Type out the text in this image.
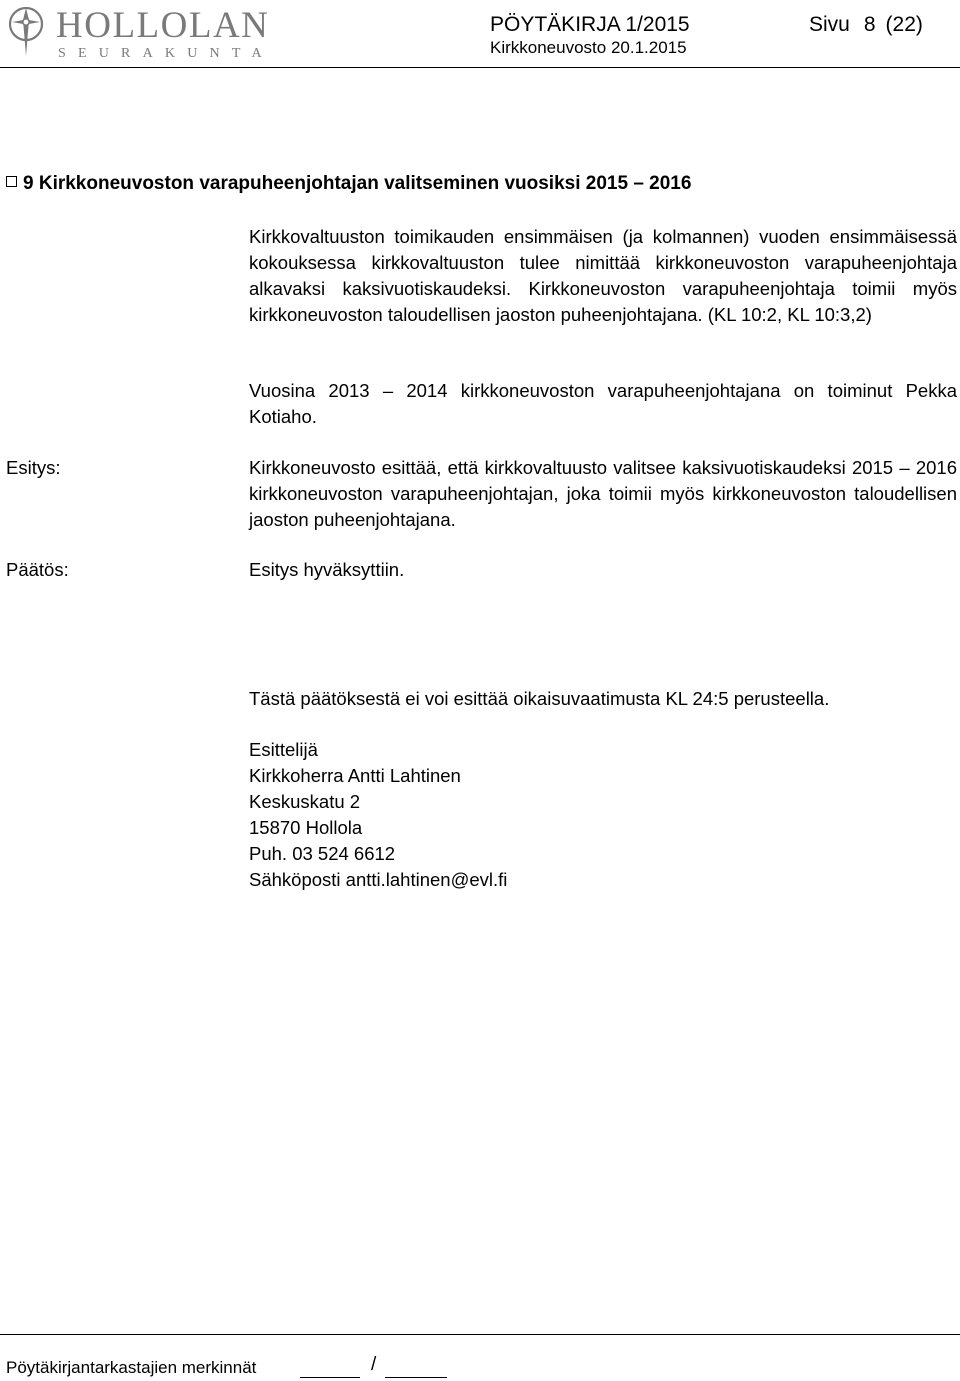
HOLLOLAN
SEURAKUNTA
PÖYTÄKIRJA 1/2015
Kirkkoneuvosto 20.1.2015
Sivu 8 (22)
9 Kirkkoneuvoston varapuheenjohtajan valitseminen vuosiksi 2015 – 2016
Kirkkovaltuuston toimikauden ensimmäisen (ja kolmannen) vuoden ensimmäisessä kokouksessa kirkkovaltuuston tulee nimittää kirkkoneuvoston varapuheenjohtaja alkavaksi kaksivuotiskaudeksi. Kirkkoneuvoston varapuheenjohtaja toimii myös kirkkoneuvoston taloudellisen jaoston puheenjohtajana. (KL 10:2, KL 10:3,2)
Vuosina 2013 – 2014 kirkkoneuvoston varapuheenjohtajana on toiminut Pekka Kotiaho.
Esitys:	Kirkkoneuvosto esittää, että kirkkovaltuusto valitsee kaksivuotiskaudeksi 2015 – 2016 kirkkoneuvoston varapuheenjohtajan, joka toimii myös kirkkoneuvoston taloudellisen jaoston puheenjohtajana.
Päätös:	Esitys hyväksyttiin.
Tästä päätöksestä ei voi esittää oikaisuvaatimusta KL 24:5 perusteella.
Esittelijä
Kirkkoherra Antti Lahtinen
Keskuskatu 2
15870 Hollola
Puh. 03 524 6612
Sähköposti antti.lahtinen@evl.fi
Pöytäkirjantarkastajien merkinnät	/
